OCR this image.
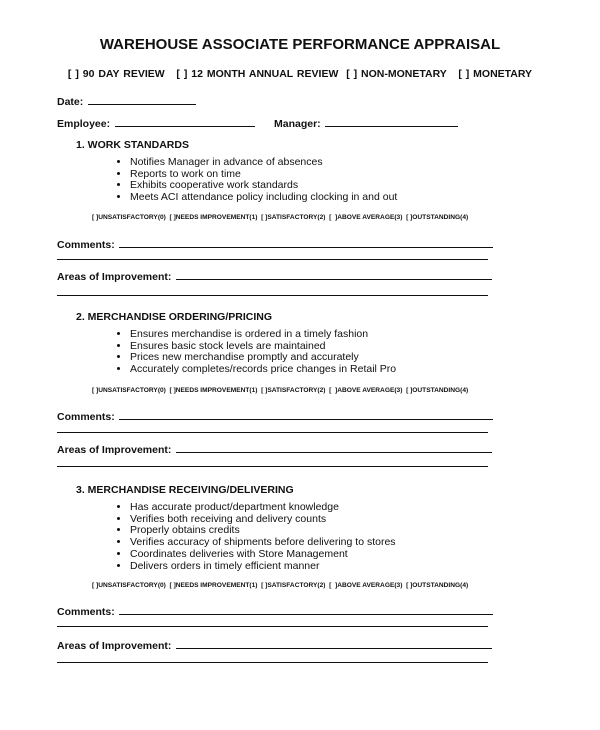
WAREHOUSE ASSOCIATE PERFORMANCE APPRAISAL
[ ] 90 DAY REVIEW   [ ] 12 MONTH ANNUAL REVIEW  [ ] NON-MONETARY   [ ] MONETARY
Date:
Employee:	Manager:
1. WORK STANDARDS
• Notifies Manager in advance of absences
• Reports to work on time
• Exhibits cooperative work standards
• Meets ACI attendance policy including clocking in and out
[ ]UNSATISFACTORY(0)  [ ]NEEDS IMPROVEMENT(1)  [ ]SATISFACTORY(2)  [  ]ABOVE AVERAGE(3)  [ ]OUTSTANDING(4)
Comments:
Areas of Improvement:
2. MERCHANDISE ORDERING/PRICING
• Ensures merchandise is ordered in a timely fashion
• Ensures basic stock levels are maintained
• Prices new merchandise promptly and accurately
• Accurately completes/records price changes in Retail Pro
[ ]UNSATISFACTORY(0)  [ ]NEEDS IMPROVEMENT(1)  [ ]SATISFACTORY(2)  [  ]ABOVE AVERAGE(3)  [ ]OUTSTANDING(4)
Comments:
Areas of Improvement:
3. MERCHANDISE RECEIVING/DELIVERING
• Has accurate product/department knowledge
• Verifies both receiving and delivery counts
• Properly obtains credits
• Verifies accuracy of shipments before delivering to stores
• Coordinates deliveries with Store Management
• Delivers orders in timely efficient manner
[ ]UNSATISFACTORY(0)  [ ]NEEDS IMPROVEMENT(1)  [ ]SATISFACTORY(2)  [  ]ABOVE AVERAGE(3)  [ ]OUTSTANDING(4)
Comments:
Areas of Improvement:
